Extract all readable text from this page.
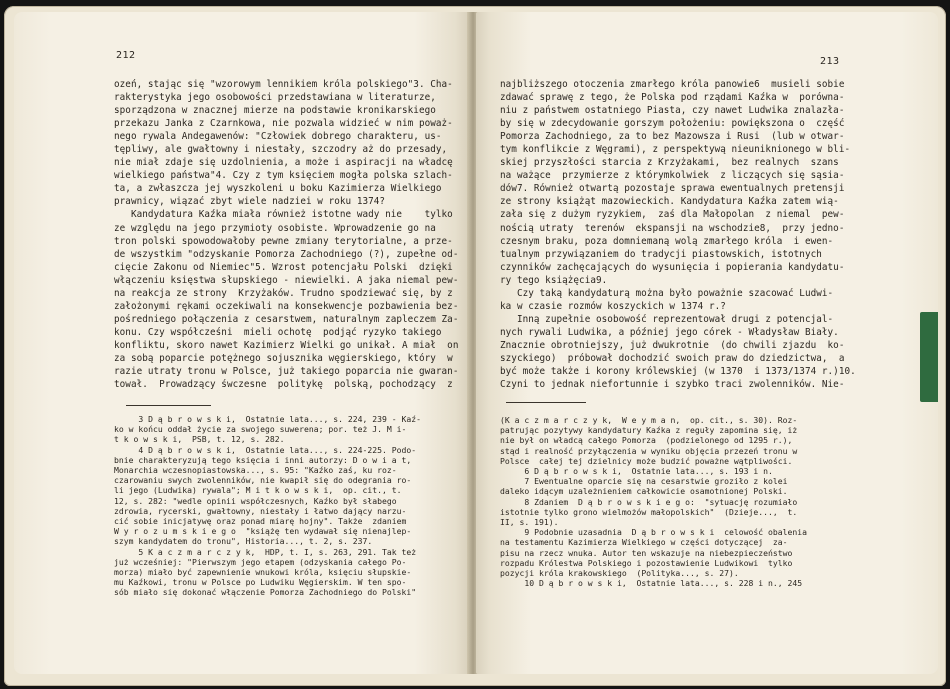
212
ozeń, stając się "wzorowym lennikiem króla polskiego"3. Cha-
rakterystyka jego osobowości przedstawiana w literaturze,
sporządzona w znacznej mierze na podstawie kronikarskiego
przekazu Janka z Czarnkowa, nie pozwala widzieć w nim poważ-
nego rywala Andegawenów: "Człowiek dobrego charakteru, us-
tępliwy, ale gwałtowny i niestały, szczodry aż do przesady,
nie miał zdaje się uzdolnienia, a może i aspiracji na władcę
wielkiego państwa"4. Czy z tym księciem mogła polska szlach-
ta, a zwłaszcza jej wyszkoleni u boku Kazimierza Wielkiego
prawnicy, wiązać zbyt wiele nadziei w roku 1374?
Kandydatura Kaźka miała również istotne wady nie    tylko
ze względu na jego przymioty osobiste. Wprowadzenie go na
tron polski spowodowałoby pewne zmiany terytorialne, a prze-
de wszystkim "odzyskanie Pomorza Zachodniego (?), zupełne od-
cięcie Zakonu od Niemiec"5. Wzrost potencjału Polski  dzięki
włączeniu księstwa słupskiego - niewielki. A jaka niemal pew-
na reakcja ze strony  Krzyżaków. Trudno spodziewać się, by z
założonymi rękami oczekiwali na konsekwencje pozbawienia bez-
pośredniego połączenia z cesarstwem, naturalnym zapleczem Za-
konu. Czy współcześni  mieli ochotę  podjąć ryzyko takiego
konfliktu, skoro nawet Kazimierz Wielki go unikał. A miał  on
za sobą poparcie potężnego sojusznika węgierskiego, który  w
razie utraty tronu w Polsce, już takiego poparcia nie gwaran-
tował.  Prowadzący śwczesne  politykę  polską, pochodzący  z
3 D ą b r o w s k i,  Ostatnie lata..., s. 224, 239 - Kaź-
ko w końcu oddał życie za swojego suwerena; por. też J. M i-
t k o w s k i,  PSB, t. 12, s. 282.
4 D ą b r o w s k i,  Ostatnie lata..., s. 224-225. Podo-
bnie charakteryzują tego księcia i inni autorzy: D o w i a t,
Monarchia wczesnopiastowska..., s. 95: "Kaźko zaś, ku roz-
czarowaniu swych zwolenników, nie kwapił się do odegrania ro-
li jego (Ludwika) rywala"; M i t k o w s k i,  op. cit., t.
12, s. 282: "wedle opinii współczesnych, Kaźko był słabego
zdrowia, rycerski, gwałtowny, niestały i łatwo dający narzu-
cić sobie inicjatywę oraz ponad miarę hojny". Także  zdaniem
W y r o z u m s k i e g o  "książę ten wydawał się nienajlep-
szym kandydatem do tronu", Historia..., t. 2, s. 237.
5 K a c z m a r c z y k,  HDP, t. I, s. 263, 291. Tak też
już wcześniej: "Pierwszym jego etapem (odzyskania całego Po-
morza) miało być zapewnienie wnukowi króla, księciu słupskie-
mu Kaźkowi, tronu w Polsce po Ludwiku Węgierskim. W ten spo-
sób miało się dokonać włączenie Pomorza Zachodniego do Polski"
213
najbliższego otoczenia zmarłego króla panowie6  musieli sobie
zdawać sprawę z tego, że Polska pod rządami Kaźka w  porówna-
niu z państwem ostatniego Piasta, czy nawet Ludwika znalazła-
by się w zdecydowanie gorszym położeniu: powiększona o  część
Pomorza Zachodniego, za to bez Mazowsza i Rusi  (lub w otwar-
tym konflikcie z Węgrami), z perspektywą nieuniknionego w bli-
skiej przyszłości starcia z Krzyżakami,  bez realnych  szans
na ważące  przymierze z którymkolwiek  z liczących się sąsia-
dów7. Również otwartą pozostaje sprawa ewentualnych pretensji
ze strony książąt mazowieckich. Kandydatura Kaźka zatem wią-
zała się z dużym ryzykiem,  zaś dla Małopolan  z niemal  pew-
nością utraty  terenów  ekspansji na wschodzie8,  przy jedno-
czesnym braku, poza domniemaną wolą zmarłego króla  i ewen-
tualnym przywiązaniem do tradycji piastowskich, istotnych
czynników zachęcających do wysunięcia i popierania kandydatu-
ry tego książęcia9.
Czy taką kandydaturą można było poważnie szacować Ludwi-
ka w czasie rozmów koszyckich w 1374 r.?
Inną zupełnie osobowość reprezentował drugi z potencjal-
nych rywali Ludwika, a później jego córek - Władysław Biały.
Znacznie obrotniejszy, już dwukrotnie  (do chwili zjazdu  ko-
szyckiego)  próbował dochodzić swoich praw do dziedzictwa,  a
być może także i korony królewskiej (w 1370  i 1373/1374 r.)10.
Czyni to jednak niefortunnie i szybko traci zwolenników. Nie-
(K a c z m a r c z y k,  W e y m a n,  op. cit., s. 30). Roz-
patrując pozytywy kandydatury Kaźka z reguły zapomina się, iż
nie był on władcą całego Pomorza  (podzielonego od 1295 r.),
stąd i realność przyłączenia w wyniku objęcia przezeń tronu w
Polsce  całej tej dzielnicy może budzić poważne wątpliwości.
6 D ą b r o w s k i,  Ostatnie lata..., s. 193 i n.
7 Ewentualne oparcie się na cesarstwie groziło z kolei
daleko idącym uzależnieniem całkowicie osamotnionej Polski.
8 Zdaniem  D ą b r o w s k i e g o:  "sytuację rozumiało
istotnie tylko grono wielmożów małopolskich"  (Dzieje...,  t.
II, s. 191).
9 Podobnie uzasadnia  D ą b r o w s k i  celowość obalenia
na testamentu Kazimierza Wielkiego w części dotyczącej  za-
pisu na rzecz wnuka. Autor ten wskazuje na niebezpieczeństwo
rozpadu Królestwa Polskiego i pozostawienie Ludwikowi  tylko
pozycji króla krakowskiego  (Polityka..., s. 27).
10 D ą b r o w s k i,  Ostatnie lata..., s. 228 i n., 245
